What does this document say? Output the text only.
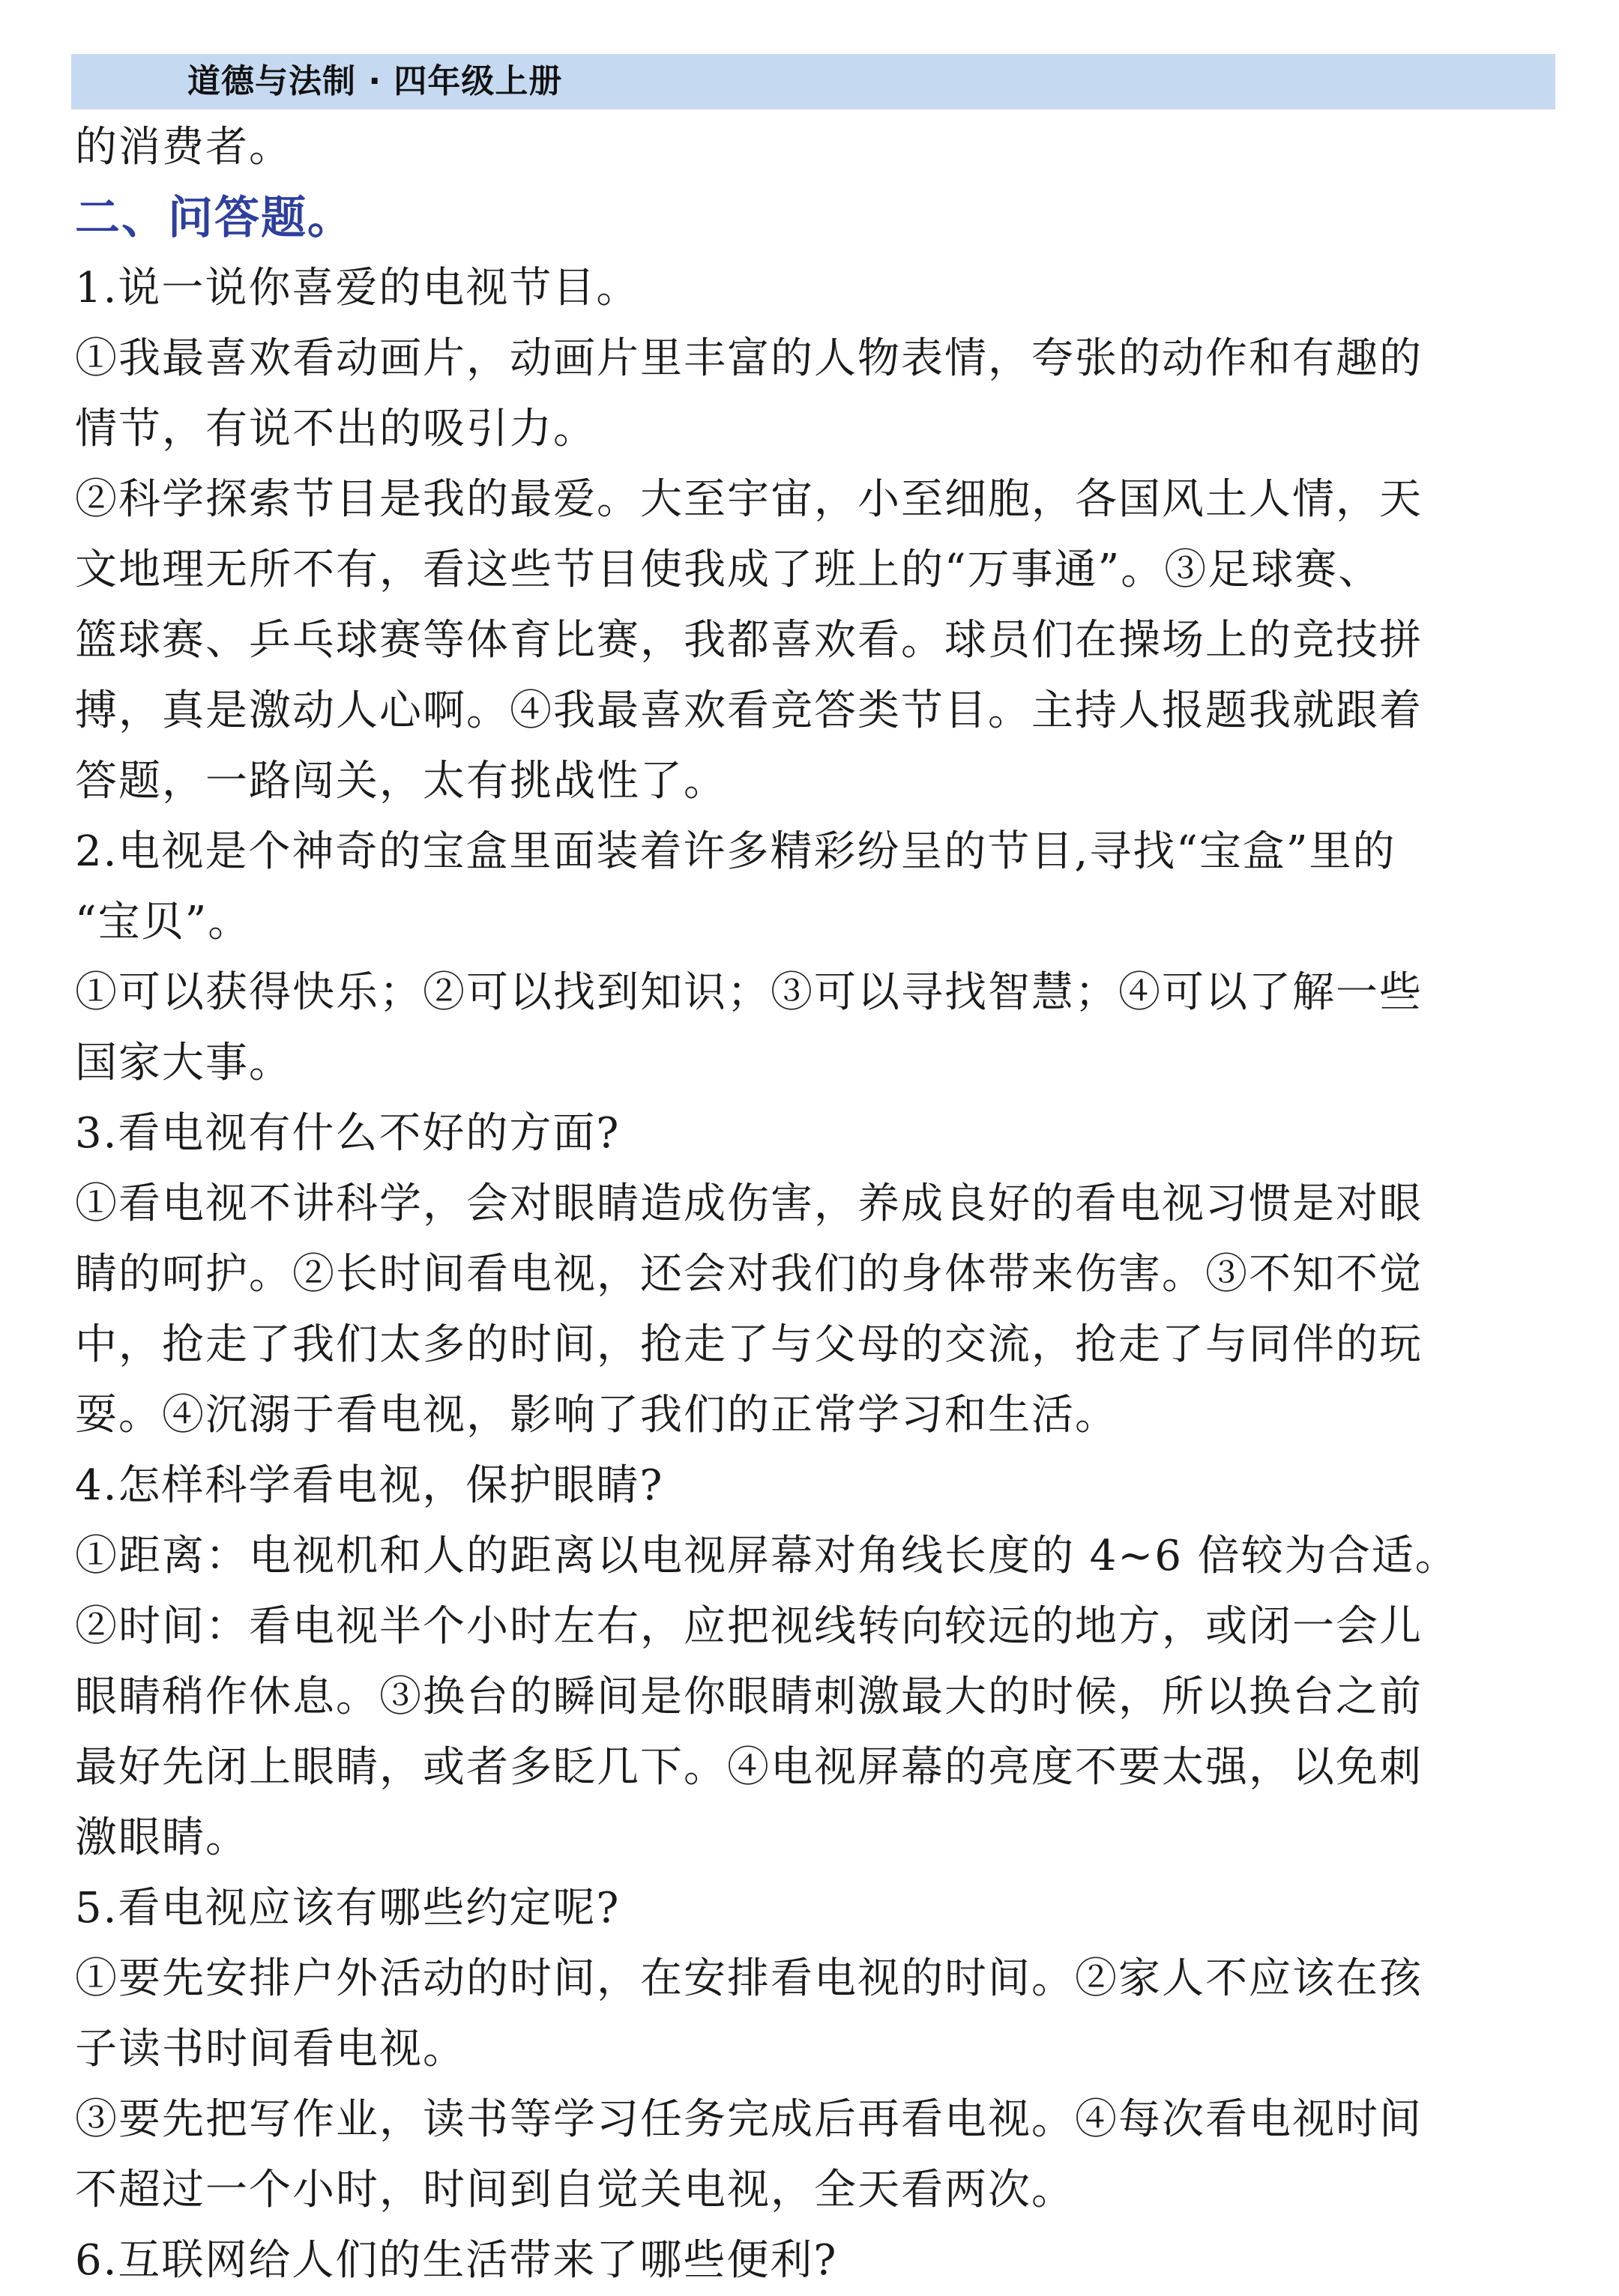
道德与法制 · 四年级上册
的消费者。
二、问答题。
1.说一说你喜爱的电视节目。
①我最喜欢看动画片，动画片里丰富的人物表情，夸张的动作和有趣的
情节，有说不出的吸引力。
②科学探索节目是我的最爱。大至宇宙，小至细胞，各国风土人情，天
文地理无所不有，看这些节目使我成了班上的“万事通”。③足球赛、
篮球赛、乒乓球赛等体育比赛，我都喜欢看。球员们在操场上的竞技拼
搏，真是激动人心啊。④我最喜欢看竞答类节目。主持人报题我就跟着
答题，一路闯关，太有挑战性了。
2.电视是个神奇的宝盒里面装着许多精彩纷呈的节目,寻找“宝盒”里的
“宝贝”。
①可以获得快乐；②可以找到知识；③可以寻找智慧；④可以了解一些
国家大事。
3.看电视有什么不好的方面?
①看电视不讲科学，会对眼睛造成伤害，养成良好的看电视习惯是对眼
睛的呵护。②长时间看电视，还会对我们的身体带来伤害。③不知不觉
中，抢走了我们太多的时间，抢走了与父母的交流，抢走了与同伴的玩
耍。④沉溺于看电视，影响了我们的正常学习和生活。
4.怎样科学看电视，保护眼睛?
①距离：电视机和人的距离以电视屏幕对角线长度的 4~6 倍较为合适。
②时间：看电视半个小时左右，应把视线转向较远的地方，或闭一会儿
眼睛稍作休息。③换台的瞬间是你眼睛刺激最大的时候，所以换台之前
最好先闭上眼睛，或者多眨几下。④电视屏幕的亮度不要太强，以免刺
激眼睛。
5.看电视应该有哪些约定呢?
①要先安排户外活动的时间，在安排看电视的时间。②家人不应该在孩
子读书时间看电视。
③要先把写作业，读书等学习任务完成后再看电视。④每次看电视时间
不超过一个小时，时间到自觉关电视，全天看两次。
6.互联网给人们的生活带来了哪些便利?
